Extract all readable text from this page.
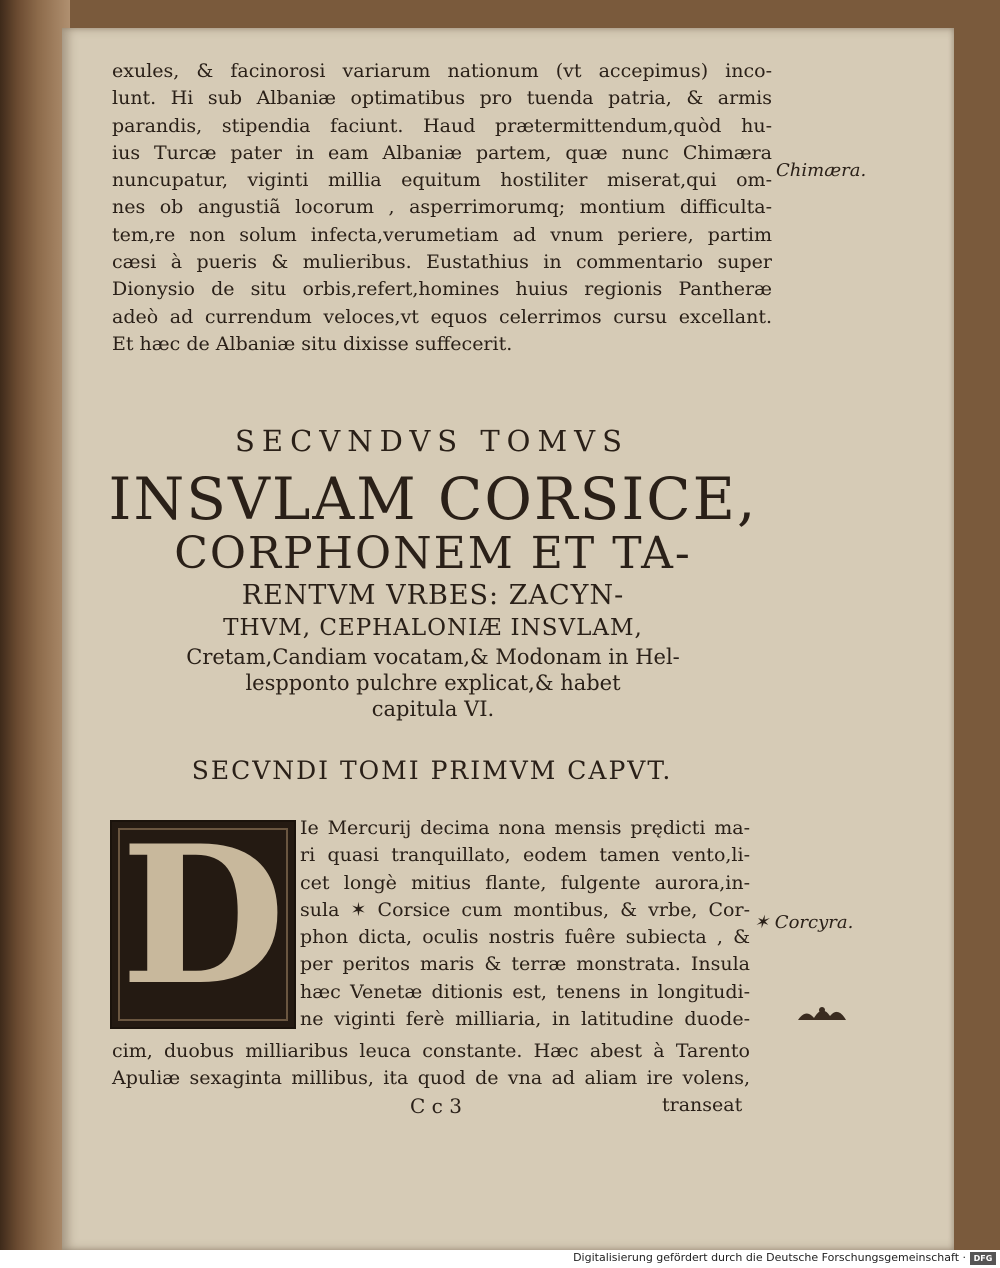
exules, & facinorosi variarum nationum (vt accepimus) inco-
lunt. Hi sub Albaniæ optimatibus pro tuenda patria, & armis
parandis, stipendia faciunt. Haud prætermittendum,quòd hu-
ius Turcæ pater in eam Albaniæ partem, quæ nunc Chimæra
nuncupatur, viginti millia equitum hostiliter miserat,qui om-
nes ob angustiã locorum , asperrimorumq; montium difficulta-
tem,re non solum infecta,verumetiam ad vnum periere, partim
cæsi à pueris & mulieribus. Eustathius in commentario super
Dionysio de situ orbis,refert,homines huius regionis Pantheræ
adeò ad currendum veloces,vt equos celerrimos cursu excellant.
Et hæc de Albaniæ situ dixisse suffecerit.
Chimæra.
SECVNDVS TOMVS
INSVLAM CORSICE,
CORPHONEM ET TA-
RENTVM VRBES: ZACYN-
THVM, CEPHALONIÆ INSVLAM,
Cretam,Candiam vocatam,& Modonam in Hel-
lespponto pulchre explicat,& habet
capitula VI.
SECVNDI TOMI PRIMVM CAPVT.
D Ie Mercurij decima nona mensis prędicti ma-
ri quasi tranquillato, eodem tamen vento,li-
cet longè mitius flante, fulgente aurora,in-
sula ✶ Corsice cum montibus, & vrbe, Cor-
phon dicta, oculis nostris fuêre subiecta , &
per peritos maris & terræ monstrata. Insula
hæc Venetæ ditionis est, tenens in longitudi-
ne viginti ferè milliaria, in latitudine duode-
✶ Corcyra.
cim, duobus milliaribus leuca constante. Hæc abest à Tarento
Apuliæ sexaginta millibus, ita quod de vna ad aliam ire volens,
C c 3	transeat
Digitalisierung gefördert durch die Deutsche Forschungsgemeinschaft · DFG
